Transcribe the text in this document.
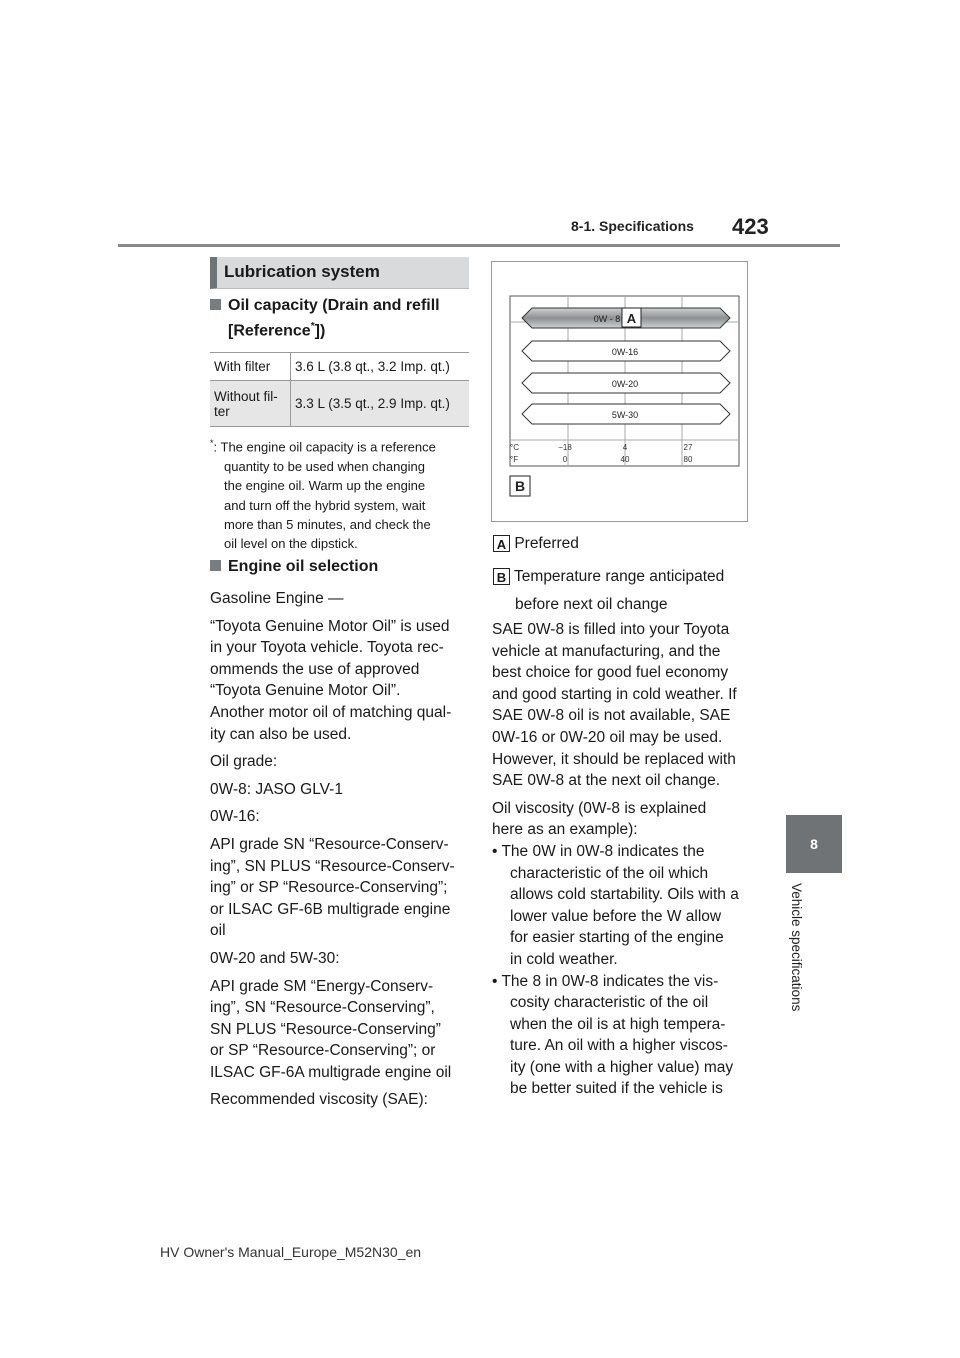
8-1. Specifications 423
8
Vehicle specifications
Lubrication system
Oil capacity (Drain and refill
[Reference*])
With filter	3.6 L (3.8 qt., 3.2 Imp. qt.)

Without fil-
ter	3.3 L (3.5 qt., 2.9 Imp. qt.)
*: The engine oil capacity is a reference
quantity to be used when changing
the engine oil. Warm up the engine
and turn off the hybrid system, wait
more than 5 minutes, and check the
oil level on the dipstick.
Engine oil selection
Gasoline Engine —
“Toyota Genuine Motor Oil” is used
in your Toyota vehicle. Toyota rec-
ommends the use of approved
“Toyota Genuine Motor Oil”.
Another motor oil of matching qual-
ity can also be used.
Oil grade:
0W-8: JASO GLV-1
0W-16:
API grade SN “Resource-Conserv-
ing”, SN PLUS “Resource-Conserv-
ing” or SP “Resource-Conserving”;
or ILSAC GF-6B multigrade engine
oil
0W-20 and 5W-30:
API grade SM “Energy-Conserv-
ing”, SN “Resource-Conserving”,
SN PLUS “Resource-Conserving”
or SP “Resource-Conserving”; or
ILSAC GF-6A multigrade engine oil
Recommended viscosity (SAE):
0W - 8 A
0W-16
0W-20
5W-30
°C
°F
−18	4	27
0	40	80
B
A Preferred
B Temperature range anticipated
before next oil change
SAE 0W-8 is filled into your Toyota
vehicle at manufacturing, and the
best choice for good fuel economy
and good starting in cold weather. If
SAE 0W-8 oil is not available, SAE
0W-16 or 0W-20 oil may be used.
However, it should be replaced with
SAE 0W-8 at the next oil change.
Oil viscosity (0W-8 is explained
here as an example):
• The 0W in 0W-8 indicates the
characteristic of the oil which
allows cold startability. Oils with a
lower value before the W allow
for easier starting of the engine
in cold weather.
• The 8 in 0W-8 indicates the vis-
cosity characteristic of the oil
when the oil is at high tempera-
ture. An oil with a higher viscos-
ity (one with a higher value) may
be better suited if the vehicle is
HV Owner's Manual_Europe_M52N30_en
